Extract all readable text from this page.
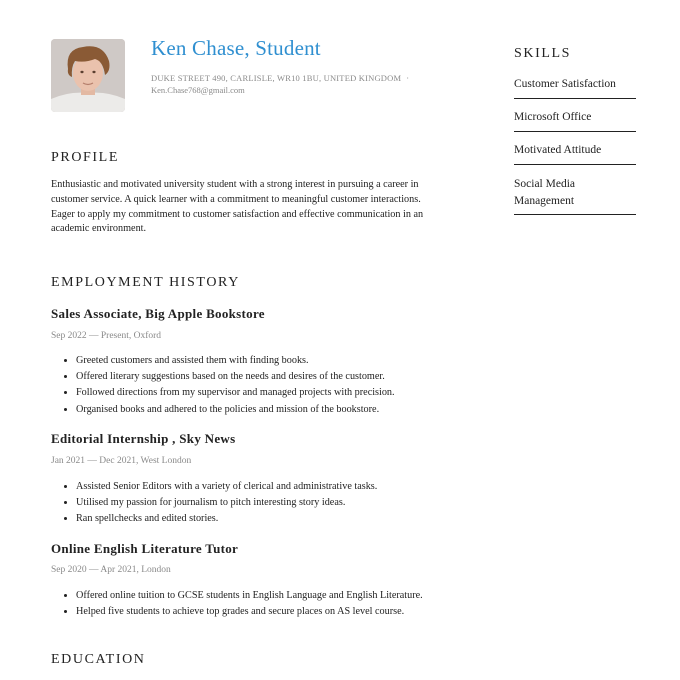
Ken Chase, Student
DUKE STREET 490, CARLISLE, WR10 1BU, UNITED KINGDOM ·
Ken.Chase768@gmail.com
PROFILE
Enthusiastic and motivated university student with a strong interest in pursuing a career in
customer service. A quick learner with a commitment to meaningful customer interactions.
Eager to apply my commitment to customer satisfaction and effective communication in an
academic environment.
EMPLOYMENT HISTORY
Sales Associate, Big Apple Bookstore
Sep 2022 — Present, Oxford
• Greeted customers and assisted them with finding books.
• Offered literary suggestions based on the needs and desires of the customer.
• Followed directions from my supervisor and managed projects with precision.
• Organised books and adhered to the policies and mission of the bookstore.
Editorial Internship , Sky News
Jan 2021 — Dec 2021, West London
• Assisted Senior Editors with a variety of clerical and administrative tasks.
• Utilised my passion for journalism to pitch interesting story ideas.
• Ran spellchecks and edited stories.
Online English Literature Tutor
Sep 2020 — Apr 2021, London
• Offered online tuition to GCSE students in English Language and English Literature.
• Helped five students to achieve top grades and secure places on AS level course.
EDUCATION
SKILLS
Customer Satisfaction
Microsoft Office
Motivated Attitude
Social Media
Management
